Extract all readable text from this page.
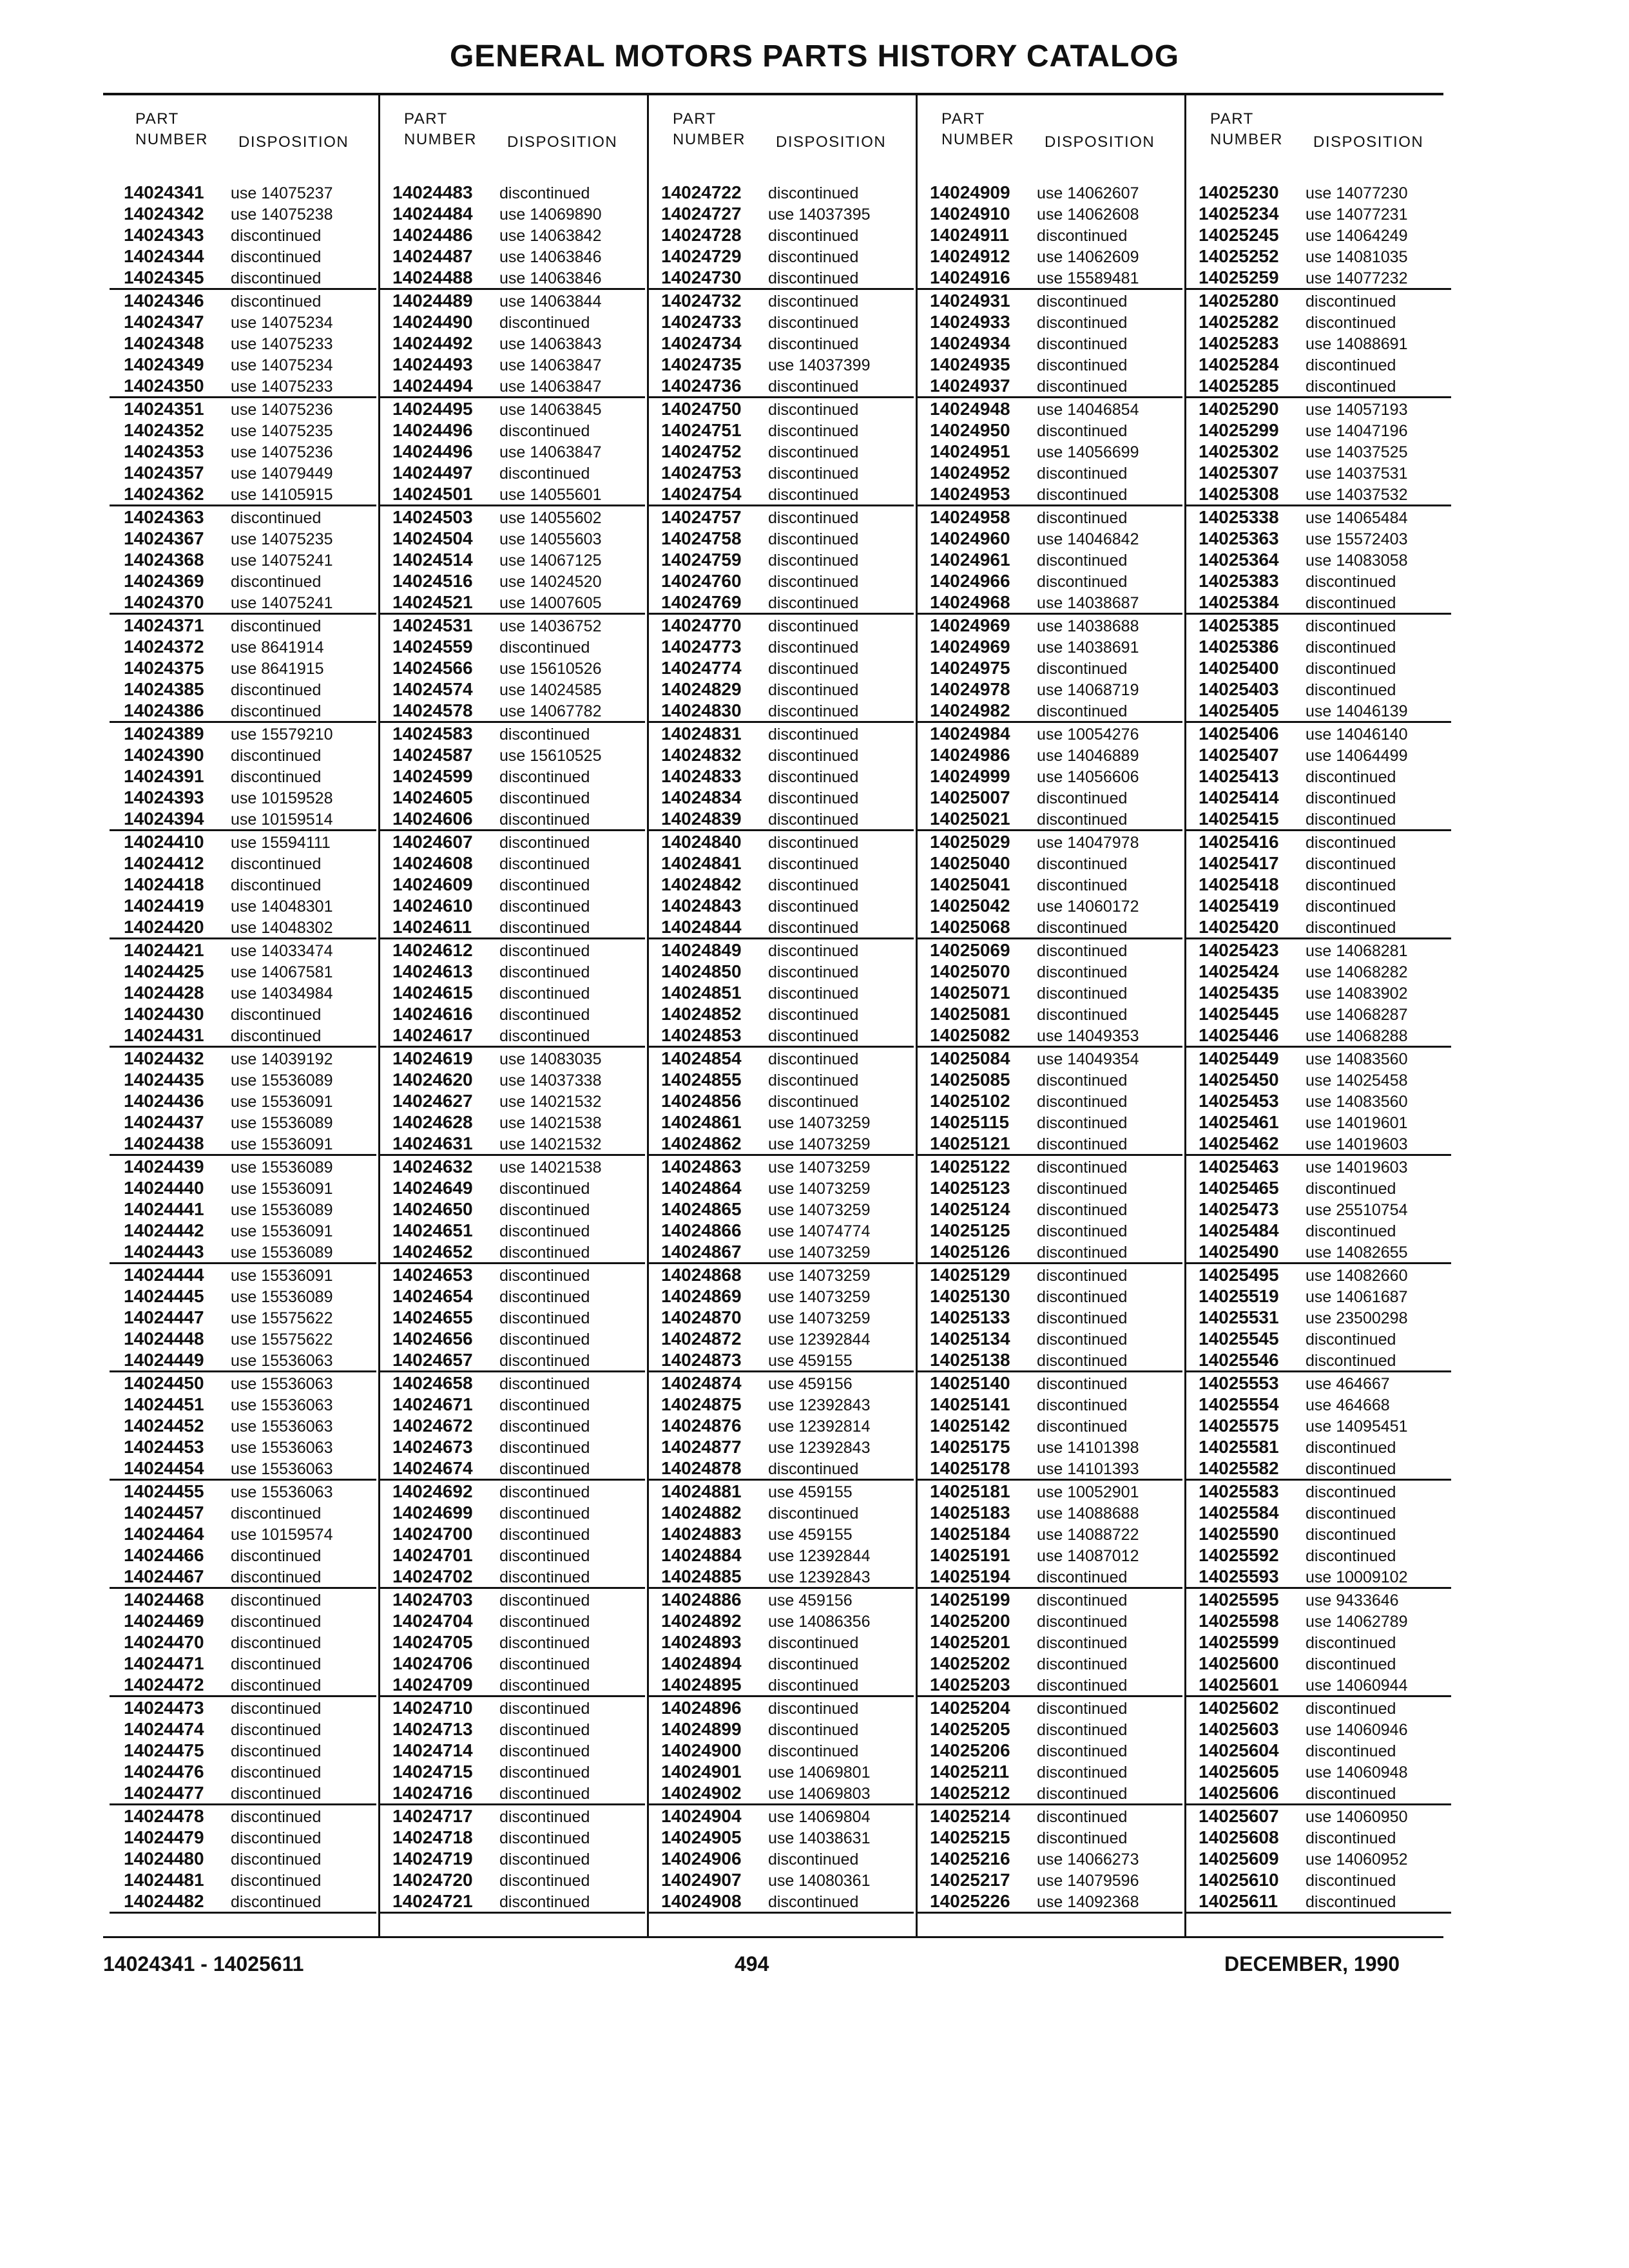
GENERAL MOTORS PARTS HISTORY CATALOG
PART
NUMBER DISPOSITION
14024341 use 14075237
14024342 use 14075238
14024343 discontinued
14024344 discontinued
14024345 discontinued
14024346 discontinued
14024347 use 14075234
14024348 use 14075233
14024349 use 14075234
14024350 use 14075233
14024351 use 14075236
14024352 use 14075235
14024353 use 14075236
14024357 use 14079449
14024362 use 14105915
14024363 discontinued
14024367 use 14075235
14024368 use 14075241
14024369 discontinued
14024370 use 14075241
14024371 discontinued
14024372 use 8641914
14024375 use 8641915
14024385 discontinued
14024386 discontinued
14024389 use 15579210
14024390 discontinued
14024391 discontinued
14024393 use 10159528
14024394 use 10159514
14024410 use 15594111
14024412 discontinued
14024418 discontinued
14024419 use 14048301
14024420 use 14048302
14024421 use 14033474
14024425 use 14067581
14024428 use 14034984
14024430 discontinued
14024431 discontinued
14024432 use 14039192
14024435 use 15536089
14024436 use 15536091
14024437 use 15536089
14024438 use 15536091
14024439 use 15536089
14024440 use 15536091
14024441 use 15536089
14024442 use 15536091
14024443 use 15536089
14024444 use 15536091
14024445 use 15536089
14024447 use 15575622
14024448 use 15575622
14024449 use 15536063
14024450 use 15536063
14024451 use 15536063
14024452 use 15536063
14024453 use 15536063
14024454 use 15536063
14024455 use 15536063
14024457 discontinued
14024464 use 10159574
14024466 discontinued
14024467 discontinued
14024468 discontinued
14024469 discontinued
14024470 discontinued
14024471 discontinued
14024472 discontinued
14024473 discontinued
14024474 discontinued
14024475 discontinued
14024476 discontinued
14024477 discontinued
14024478 discontinued
14024479 discontinued
14024480 discontinued
14024481 discontinued
14024482 discontinued
PART
NUMBER DISPOSITION
14024483 discontinued
14024484 use 14069890
14024486 use 14063842
14024487 use 14063846
14024488 use 14063846
14024489 use 14063844
14024490 discontinued
14024492 use 14063843
14024493 use 14063847
14024494 use 14063847
14024495 use 14063845
14024496 discontinued
14024496 use 14063847
14024497 discontinued
14024501 use 14055601
14024503 use 14055602
14024504 use 14055603
14024514 use 14067125
14024516 use 14024520
14024521 use 14007605
14024531 use 14036752
14024559 discontinued
14024566 use 15610526
14024574 use 14024585
14024578 use 14067782
14024583 discontinued
14024587 use 15610525
14024599 discontinued
14024605 discontinued
14024606 discontinued
14024607 discontinued
14024608 discontinued
14024609 discontinued
14024610 discontinued
14024611 discontinued
14024612 discontinued
14024613 discontinued
14024615 discontinued
14024616 discontinued
14024617 discontinued
14024619 use 14083035
14024620 use 14037338
14024627 use 14021532
14024628 use 14021538
14024631 use 14021532
14024632 use 14021538
14024649 discontinued
14024650 discontinued
14024651 discontinued
14024652 discontinued
14024653 discontinued
14024654 discontinued
14024655 discontinued
14024656 discontinued
14024657 discontinued
14024658 discontinued
14024671 discontinued
14024672 discontinued
14024673 discontinued
14024674 discontinued
14024692 discontinued
14024699 discontinued
14024700 discontinued
14024701 discontinued
14024702 discontinued
14024703 discontinued
14024704 discontinued
14024705 discontinued
14024706 discontinued
14024709 discontinued
14024710 discontinued
14024713 discontinued
14024714 discontinued
14024715 discontinued
14024716 discontinued
14024717 discontinued
14024718 discontinued
14024719 discontinued
14024720 discontinued
14024721 discontinued
PART
NUMBER DISPOSITION
14024722 discontinued
14024727 use 14037395
14024728 discontinued
14024729 discontinued
14024730 discontinued
14024732 discontinued
14024733 discontinued
14024734 discontinued
14024735 use 14037399
14024736 discontinued
14024750 discontinued
14024751 discontinued
14024752 discontinued
14024753 discontinued
14024754 discontinued
14024757 discontinued
14024758 discontinued
14024759 discontinued
14024760 discontinued
14024769 discontinued
14024770 discontinued
14024773 discontinued
14024774 discontinued
14024829 discontinued
14024830 discontinued
14024831 discontinued
14024832 discontinued
14024833 discontinued
14024834 discontinued
14024839 discontinued
14024840 discontinued
14024841 discontinued
14024842 discontinued
14024843 discontinued
14024844 discontinued
14024849 discontinued
14024850 discontinued
14024851 discontinued
14024852 discontinued
14024853 discontinued
14024854 discontinued
14024855 discontinued
14024856 discontinued
14024861 use 14073259
14024862 use 14073259
14024863 use 14073259
14024864 use 14073259
14024865 use 14073259
14024866 use 14074774
14024867 use 14073259
14024868 use 14073259
14024869 use 14073259
14024870 use 14073259
14024872 use 12392844
14024873 use 459155
14024874 use 459156
14024875 use 12392843
14024876 use 12392814
14024877 use 12392843
14024878 discontinued
14024881 use 459155
14024882 discontinued
14024883 use 459155
14024884 use 12392844
14024885 use 12392843
14024886 use 459156
14024892 use 14086356
14024893 discontinued
14024894 discontinued
14024895 discontinued
14024896 discontinued
14024899 discontinued
14024900 discontinued
14024901 use 14069801
14024902 use 14069803
14024904 use 14069804
14024905 use 14038631
14024906 discontinued
14024907 use 14080361
14024908 discontinued
PART
NUMBER DISPOSITION
14024909 use 14062607
14024910 use 14062608
14024911 discontinued
14024912 use 14062609
14024916 use 15589481
14024931 discontinued
14024933 discontinued
14024934 discontinued
14024935 discontinued
14024937 discontinued
14024948 use 14046854
14024950 discontinued
14024951 use 14056699
14024952 discontinued
14024953 discontinued
14024958 discontinued
14024960 use 14046842
14024961 discontinued
14024966 discontinued
14024968 use 14038687
14024969 use 14038688
14024969 use 14038691
14024975 discontinued
14024978 use 14068719
14024982 discontinued
14024984 use 10054276
14024986 use 14046889
14024999 use 14056606
14025007 discontinued
14025021 discontinued
14025029 use 14047978
14025040 discontinued
14025041 discontinued
14025042 use 14060172
14025068 discontinued
14025069 discontinued
14025070 discontinued
14025071 discontinued
14025081 discontinued
14025082 use 14049353
14025084 use 14049354
14025085 discontinued
14025102 discontinued
14025115 discontinued
14025121 discontinued
14025122 discontinued
14025123 discontinued
14025124 discontinued
14025125 discontinued
14025126 discontinued
14025129 discontinued
14025130 discontinued
14025133 discontinued
14025134 discontinued
14025138 discontinued
14025140 discontinued
14025141 discontinued
14025142 discontinued
14025175 use 14101398
14025178 use 14101393
14025181 use 10052901
14025183 use 14088688
14025184 use 14088722
14025191 use 14087012
14025194 discontinued
14025199 discontinued
14025200 discontinued
14025201 discontinued
14025202 discontinued
14025203 discontinued
14025204 discontinued
14025205 discontinued
14025206 discontinued
14025211 discontinued
14025212 discontinued
14025214 discontinued
14025215 discontinued
14025216 use 14066273
14025217 use 14079596
14025226 use 14092368
PART
NUMBER DISPOSITION
14025230 use 14077230
14025234 use 14077231
14025245 use 14064249
14025252 use 14081035
14025259 use 14077232
14025280 discontinued
14025282 discontinued
14025283 use 14088691
14025284 discontinued
14025285 discontinued
14025290 use 14057193
14025299 use 14047196
14025302 use 14037525
14025307 use 14037531
14025308 use 14037532
14025338 use 14065484
14025363 use 15572403
14025364 use 14083058
14025383 discontinued
14025384 discontinued
14025385 discontinued
14025386 discontinued
14025400 discontinued
14025403 discontinued
14025405 use 14046139
14025406 use 14046140
14025407 use 14064499
14025413 discontinued
14025414 discontinued
14025415 discontinued
14025416 discontinued
14025417 discontinued
14025418 discontinued
14025419 discontinued
14025420 discontinued
14025423 use 14068281
14025424 use 14068282
14025435 use 14083902
14025445 use 14068287
14025446 use 14068288
14025449 use 14083560
14025450 use 14025458
14025453 use 14083560
14025461 use 14019601
14025462 use 14019603
14025463 use 14019603
14025465 discontinued
14025473 use 25510754
14025484 discontinued
14025490 use 14082655
14025495 use 14082660
14025519 use 14061687
14025531 use 23500298
14025545 discontinued
14025546 discontinued
14025553 use 464667
14025554 use 464668
14025575 use 14095451
14025581 discontinued
14025582 discontinued
14025583 discontinued
14025584 discontinued
14025590 discontinued
14025592 discontinued
14025593 use 10009102
14025595 use 9433646
14025598 use 14062789
14025599 discontinued
14025600 discontinued
14025601 use 14060944
14025602 discontinued
14025603 use 14060946
14025604 discontinued
14025605 use 14060948
14025606 discontinued
14025607 use 14060950
14025608 discontinued
14025609 use 14060952
14025610 discontinued
14025611 discontinued
14024341 - 14025611	494	DECEMBER, 1990
